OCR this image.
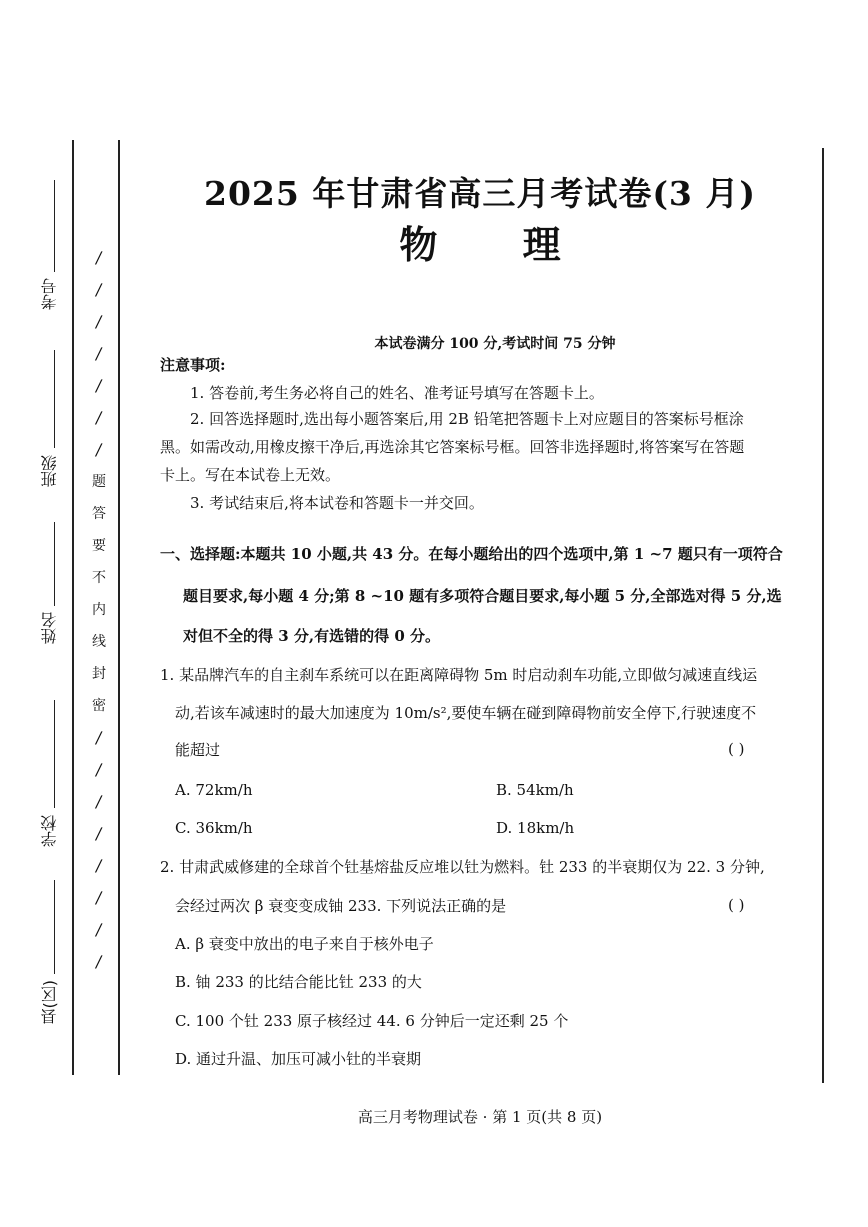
考号
班级
姓名
学校
县(区)
/
/
/
/
/
/
/
题
答
要
不
内
线
封
密
/
/
/
/
/
/
/
/
2025 年甘肃省高三月考试卷(3 月)
物 理
本试卷满分 100 分,考试时间 75 分钟
注意事项:
1. 答卷前,考生务必将自己的姓名、准考证号填写在答题卡上。
2. 回答选择题时,选出每小题答案后,用 2B 铅笔把答题卡上对应题目的答案标号框涂
黑。如需改动,用橡皮擦干净后,再选涂其它答案标号框。回答非选择题时,将答案写在答题
卡上。写在本试卷上无效。
3. 考试结束后,将本试卷和答题卡一并交回。
一、选择题:本题共 10 小题,共 43 分。在每小题给出的四个选项中,第 1 ~7 题只有一项符合
题目要求,每小题 4 分;第 8 ~10 题有多项符合题目要求,每小题 5 分,全部选对得 5 分,选
对但不全的得 3 分,有选错的得 0 分。
1. 某品牌汽车的自主刹车系统可以在距离障碍物 5m 时启动刹车功能,立即做匀减速直线运
动,若该车减速时的最大加速度为 10m/s²,要使车辆在碰到障碍物前安全停下,行驶速度不
能超过	( )
A. 72km/h	B. 54km/h
C. 36km/h	D. 18km/h
2. 甘肃武威修建的全球首个钍基熔盐反应堆以钍为燃料。钍 233 的半衰期仅为 22. 3 分钟,
会经过两次 β 衰变变成铀 233. 下列说法正确的是	( )
A. β 衰变中放出的电子来自于核外电子
B. 铀 233 的比结合能比钍 233 的大
C. 100 个钍 233 原子核经过 44. 6 分钟后一定还剩 25 个
D. 通过升温、加压可减小钍的半衰期
高三月考物理试卷 · 第 1 页(共 8 页)
